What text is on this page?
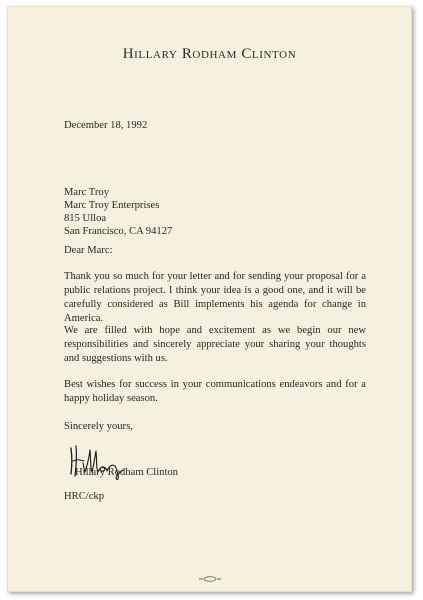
Hillary Rodham Clinton
December 18, 1992
Marc Troy
Marc Troy Enterprises
815 Ulloa
San Francisco, CA 94127
Dear Marc:
Thank you so much for your letter and for sending your proposal for a public relations project. I think your idea is a good one, and it will be carefully considered as Bill implements his agenda for change in America.
We are filled with hope and excitement as we begin our new responsibilities and sincerely appreciate your sharing your thoughts and suggestions with us.
Best wishes for success in your communications endeavors and for a happy holiday season.
Sincerely yours,
Hillary Rodham Clinton
HRC/ckp
